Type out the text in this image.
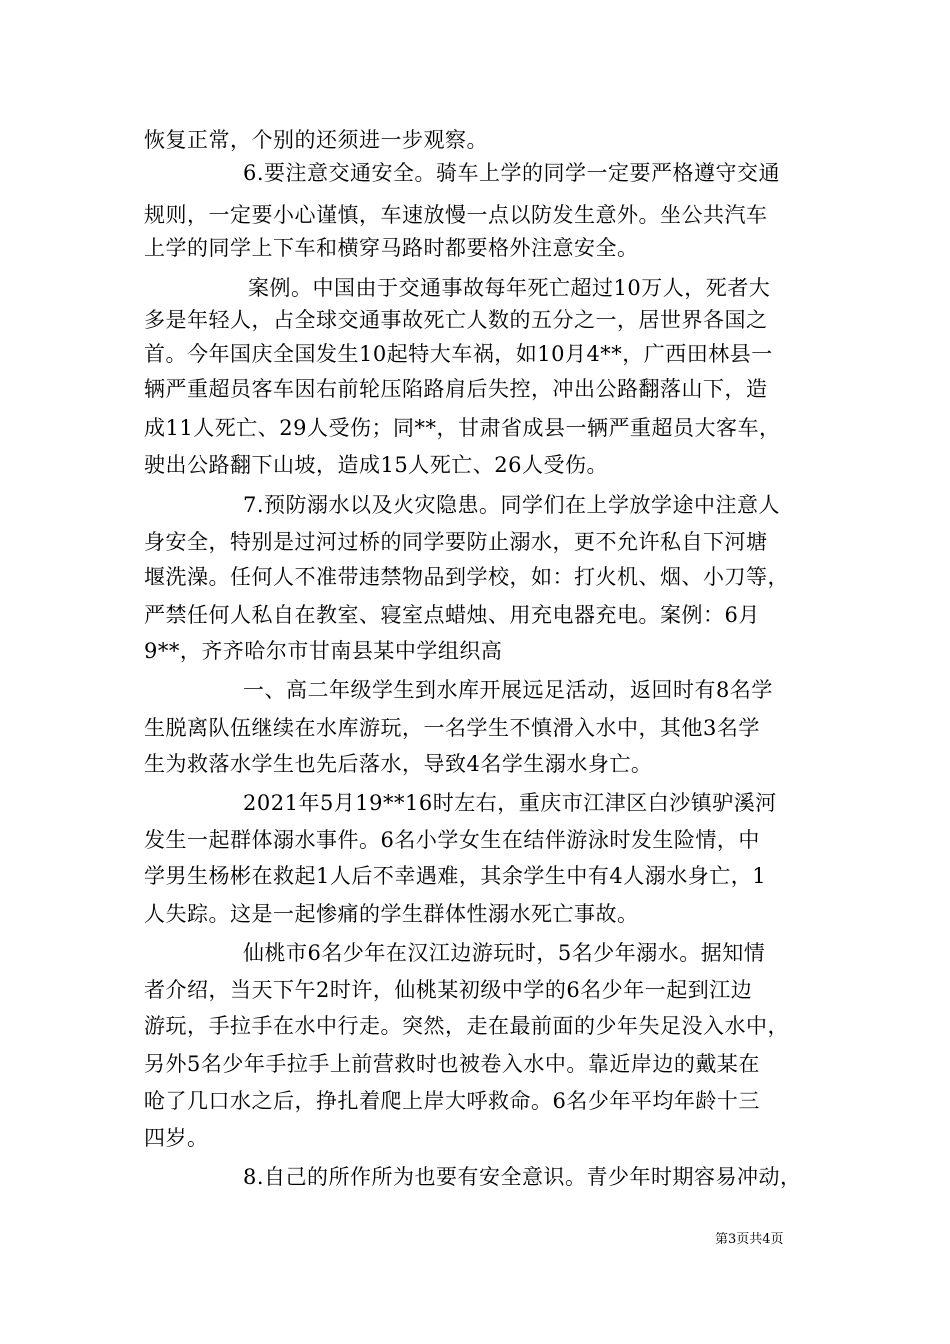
恢复正常，个别的还须进一步观察。
6.要注意交通安全。骑车上学的同学一定要严格遵守交通
规则，一定要小心谨慎，车速放慢一点以防发生意外。坐公共汽车
上学的同学上下车和横穿马路时都要格外注意安全。
案例。中国由于交通事故每年死亡超过10万人，死者大
多是年轻人，占全球交通事故死亡人数的五分之一，居世界各国之
首。今年国庆全国发生10起特大车祸，如10月4**，广西田林县一
辆严重超员客车因右前轮压陷路肩后失控，冲出公路翻落山下，造
成11人死亡、29人受伤；同**，甘肃省成县一辆严重超员大客车，
驶出公路翻下山坡，造成15人死亡、26人受伤。
7.预防溺水以及火灾隐患。同学们在上学放学途中注意人
身安全，特别是过河过桥的同学要防止溺水，更不允许私自下河塘
堰洗澡。任何人不准带违禁物品到学校，如：打火机、烟、小刀等，
严禁任何人私自在教室、寝室点蜡烛、用充电器充电。案例：6月
9**，齐齐哈尔市甘南县某中学组织高
一、高二年级学生到水库开展远足活动，返回时有8名学
生脱离队伍继续在水库游玩，一名学生不慎滑入水中，其他3名学
生为救落水学生也先后落水，导致4名学生溺水身亡。
2021年5月19**16时左右，重庆市江津区白沙镇驴溪河
发生一起群体溺水事件。6名小学女生在结伴游泳时发生险情，中
学男生杨彬在救起1人后不幸遇难，其余学生中有4人溺水身亡，1
人失踪。这是一起惨痛的学生群体性溺水死亡事故。
仙桃市6名少年在汉江边游玩时，5名少年溺水。据知情
者介绍，当天下午2时许，仙桃某初级中学的6名少年一起到江边
游玩，手拉手在水中行走。突然，走在最前面的少年失足没入水中，
另外5名少年手拉手上前营救时也被卷入水中。靠近岸边的戴某在
呛了几口水之后，挣扎着爬上岸大呼救命。6名少年平均年龄十三
四岁。
8.自己的所作所为也要有安全意识。青少年时期容易冲动，
第3页共4页
